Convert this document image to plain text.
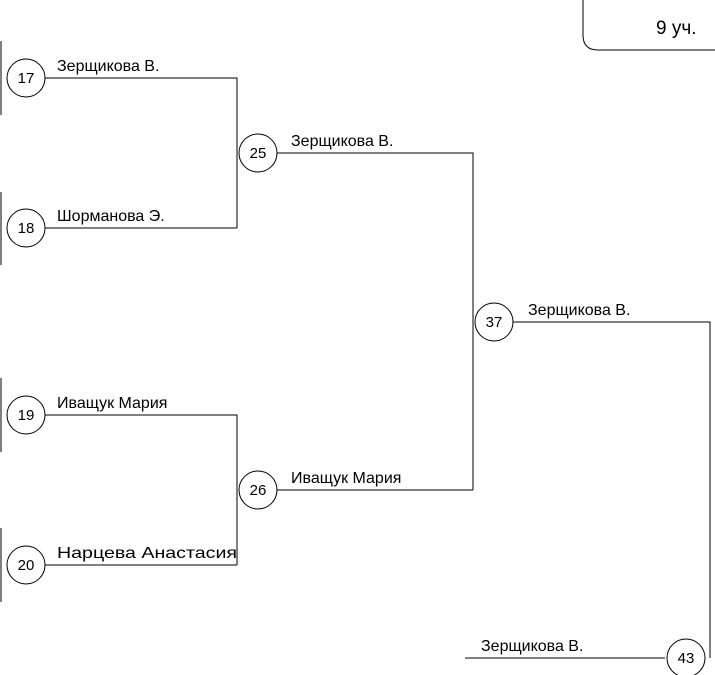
9 уч.
17
18
19
20
25
26
37
43
Зерщикова В.
Шорманова Э.
Иващук Мария
Нарцева Анастасия
Зерщикова В.
Иващук Мария
Зерщикова В.
Зерщикова В.
